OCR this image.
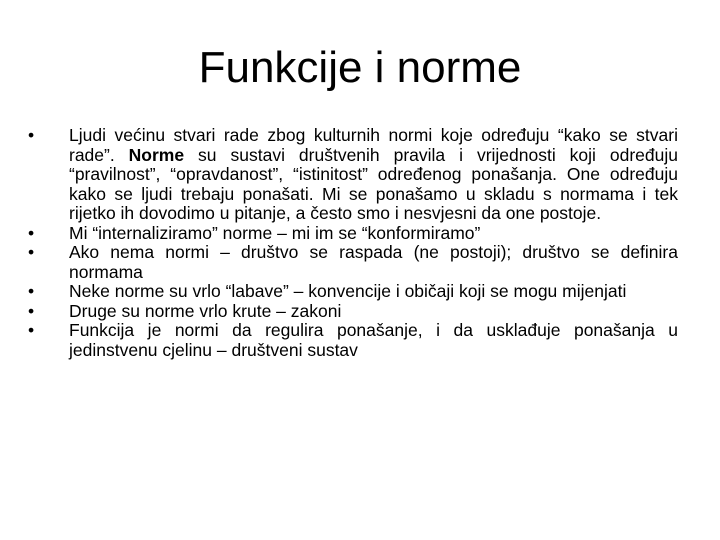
Funkcije i norme
•	Ljudi većinu stvari rade zbog kulturnih normi koje određuju “kako se stvari rade”. Norme su sustavi društvenih pravila i vrijednosti koji određuju “pravilnost”, “opravdanost”, “istinitost” određenog ponašanja. One određuju kako se ljudi trebaju ponašati. Mi se ponašamo u skladu s normama i tek rijetko ih dovodimo u pitanje, a često smo i nesvjesni da one postoje.
•	Mi “internaliziramo” norme – mi im se “konformiramo”
•	Ako nema normi – društvo se raspada (ne postoji); društvo se definira normama
•	Neke norme su vrlo “labave” – konvencije i običaji koji se mogu mijenjati
•	Druge su norme vrlo krute – zakoni
•	Funkcija je normi da regulira ponašanje, i da usklađuje ponašanja u jedinstvenu cjelinu – društveni sustav
